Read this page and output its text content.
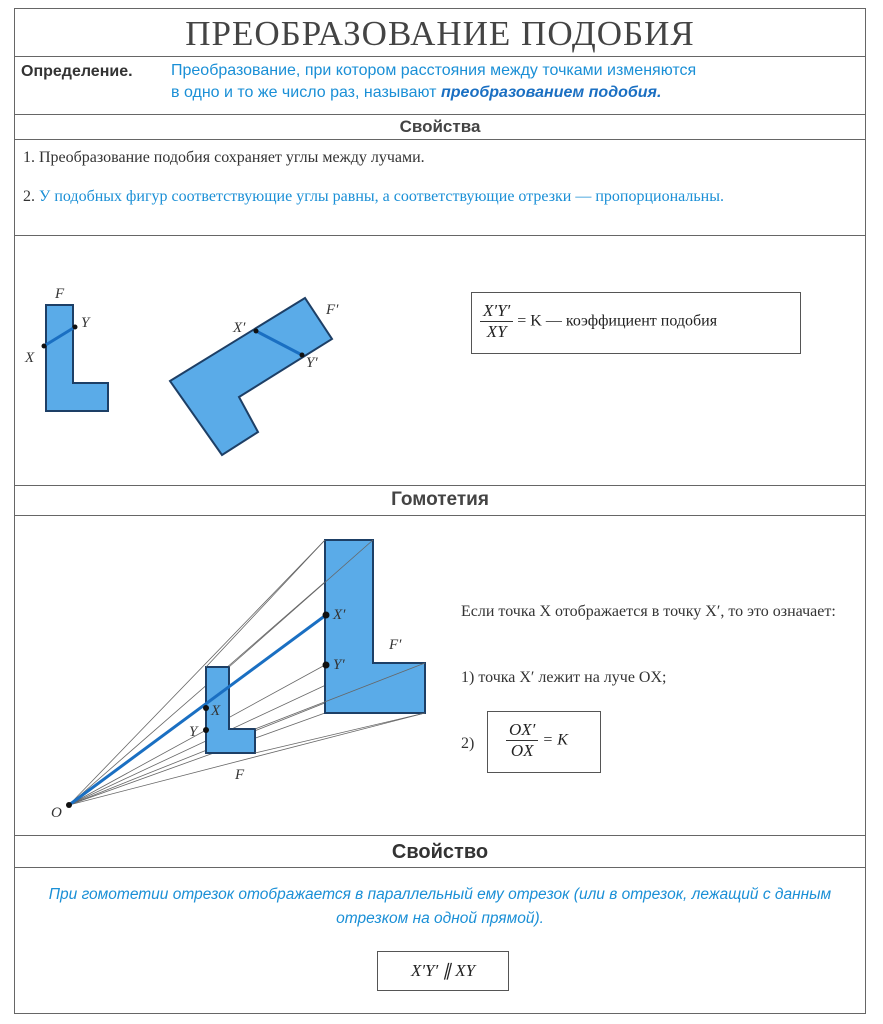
ПРЕОБРАЗОВАНИЕ ПОДОБИЯ
Определение. Преобразование, при котором расстояния между точками изменяются
в одно и то же число раз, называют преобразованием подобия.
Свойства
1. Преобразование подобия сохраняет углы между лучами.
2. У подобных фигур соответствующие углы равны, а соответствующие отрезки — пропорциональны.
F
X
Y	X′
Y′
F′	$\frac{X'Y'}{XY} = K$ — коэффициент подобия
Гомотетия
O
X
Y
F
X′
Y′
F′
Если точка X отображается в точку X′, то это означает:
1) точка X′ лежит на луче OX;
$2) \frac{OX'}{OX} = K$
Свойство
При гомотетии отрезок отображается в параллельный ему отрезок (или в отрезок, лежащий с данным отрезком на одной прямой).
X′Y′ ∥ XY
